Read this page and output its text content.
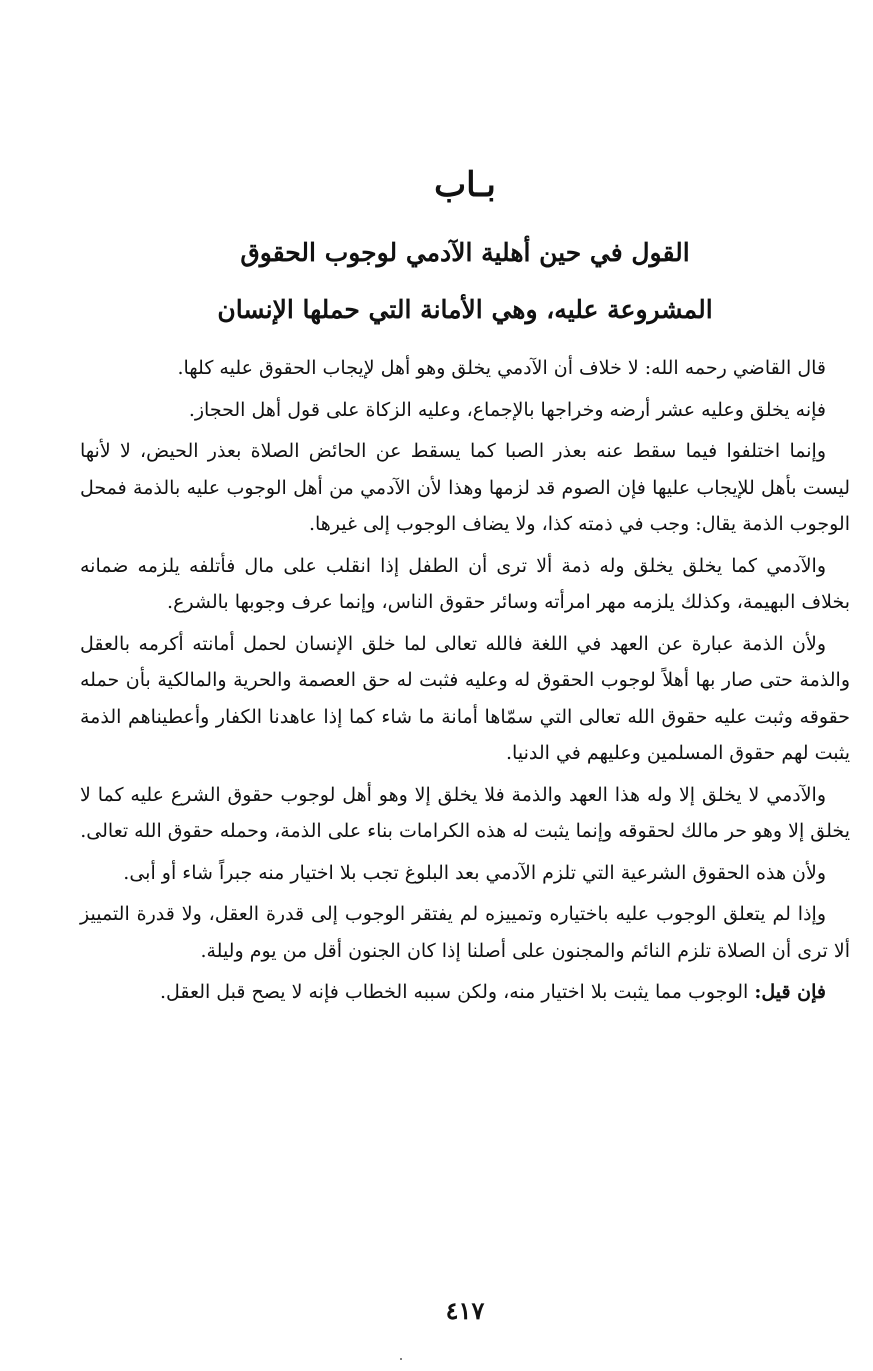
بـاب
القول في حين أهلية الآدمي لوجوب الحقوق
المشروعة عليه، وهي الأمانة التي حملها الإنسان

قال القاضي رحمه الله: لا خلاف أن الآدمي يخلق وهو أهل لإيجاب الحقوق عليه كلها.

فإنه يخلق وعليه عشر أرضه وخراجها بالإجماع، وعليه الزكاة على قول أهل الحجاز.

وإنما اختلفوا فيما سقط عنه بعذر الصبا كما يسقط عن الحائض الصلاة بعذر الحيض، لا لأنها ليست بأهل للإيجاب عليها فإن الصوم قد لزمها وهذا لأن الآدمي من أهل الوجوب عليه بالذمة فمحل الوجوب الذمة يقال: وجب في ذمته كذا، ولا يضاف الوجوب إلى غيرها.

والآدمي كما يخلق يخلق وله ذمة ألا ترى أن الطفل إذا انقلب على مال فأتلفه يلزمه ضمانه بخلاف البهيمة، وكذلك يلزمه مهر امرأته وسائر حقوق الناس، وإنما عرف وجوبها بالشرع.

ولأن الذمة عبارة عن العهد في اللغة فالله تعالى لما خلق الإنسان لحمل أمانته أكرمه بالعقل والذمة حتى صار بها أهلاً لوجوب الحقوق له وعليه فثبت له حق العصمة والحرية والمالكية بأن حمله حقوقه وثبت عليه حقوق الله تعالى التي سمّاها أمانة ما شاء كما إذا عاهدنا الكفار وأعطيناهم الذمة يثبت لهم حقوق المسلمين وعليهم في الدنيا.

والآدمي لا يخلق إلا وله هذا العهد والذمة فلا يخلق إلا وهو أهل لوجوب حقوق الشرع عليه كما لا يخلق إلا وهو حر مالك لحقوقه وإنما يثبت له هذه الكرامات بناء على الذمة، وحمله حقوق الله تعالى.

ولأن هذه الحقوق الشرعية التي تلزم الآدمي بعد البلوغ تجب بلا اختيار منه جبراً شاء أو أبى.

وإذا لم يتعلق الوجوب عليه باختياره وتمييزه لم يفتقر الوجوب إلى قدرة العقل، ولا قدرة التمييز ألا ترى أن الصلاة تلزم النائم والمجنون على أصلنا إذا كان الجنون أقل من يوم وليلة.

فإن قيل: الوجوب مما يثبت بلا اختيار منه، ولكن سببه الخطاب فإنه لا يصح قبل العقل.

٤١٧
